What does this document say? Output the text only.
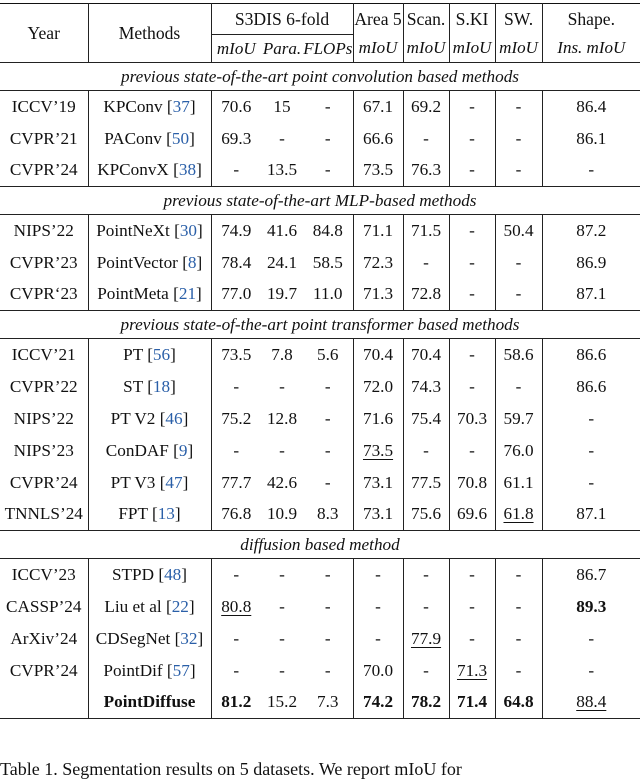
Year	Methods	S3DIS 6-fold			Area 5	Scan.	S.KI	SW.	Shape.
		mIoU	Para.	FLOPs	mIoU	mIoU	mIoU	mIoU	Ins. mIoU
previous state-of-the-art point convolution based methods									
ICCV’19	KPConv [37]	70.6	15	-	67.1	69.2	-	-	86.4
CVPR’21	PAConv [50]	69.3	-	-	66.6	-	-	-	86.1
CVPR’24	KPConvX [38]	-	13.5	-	73.5	76.3	-	-	-
previous state-of-the-art MLP-based methods									
NIPS’22	PointNeXt [30]	74.9	41.6	84.8	71.1	71.5	-	50.4	87.2
CVPR’23	PointVector [8]	78.4	24.1	58.5	72.3	-	-	-	86.9
CVPR‘23	PointMeta [21]	77.0	19.7	11.0	71.3	72.8	-	-	87.1
previous state-of-the-art point transformer based methods									
ICCV’21	PT [56]	73.5	7.8	5.6	70.4	70.4	-	58.6	86.6
CVPR’22	ST [18]	-	-	-	72.0	74.3	-	-	86.6
NIPS’22	PT V2 [46]	75.2	12.8	-	71.6	75.4	70.3	59.7	-
NIPS’23	ConDAF [9]	-	-	-	73.5	-	-	76.0	-
CVPR’24	PT V3 [47]	77.7	42.6	-	73.1	77.5	70.8	61.1	-
TNNLS’24	FPT [13]	76.8	10.9	8.3	73.1	75.6	69.6	61.8	87.1
diffusion based method									
ICCV’23	STPD [48]	-	-	-	-	-	-	-	86.7
CASSP’24	Liu et al [22]	80.8	-	-	-	-	-	-	89.3
ArXiv’24	CDSegNet [32]	-	-	-	-	77.9	-	-	-
CVPR’24	PointDif [57]	-	-	-	70.0	-	71.3	-	-
	PointDiffuse	81.2	15.2	7.3	74.2	78.2	71.4	64.8	88.4
Table 1. Segmentation results on 5 datasets. We report mIoU for
